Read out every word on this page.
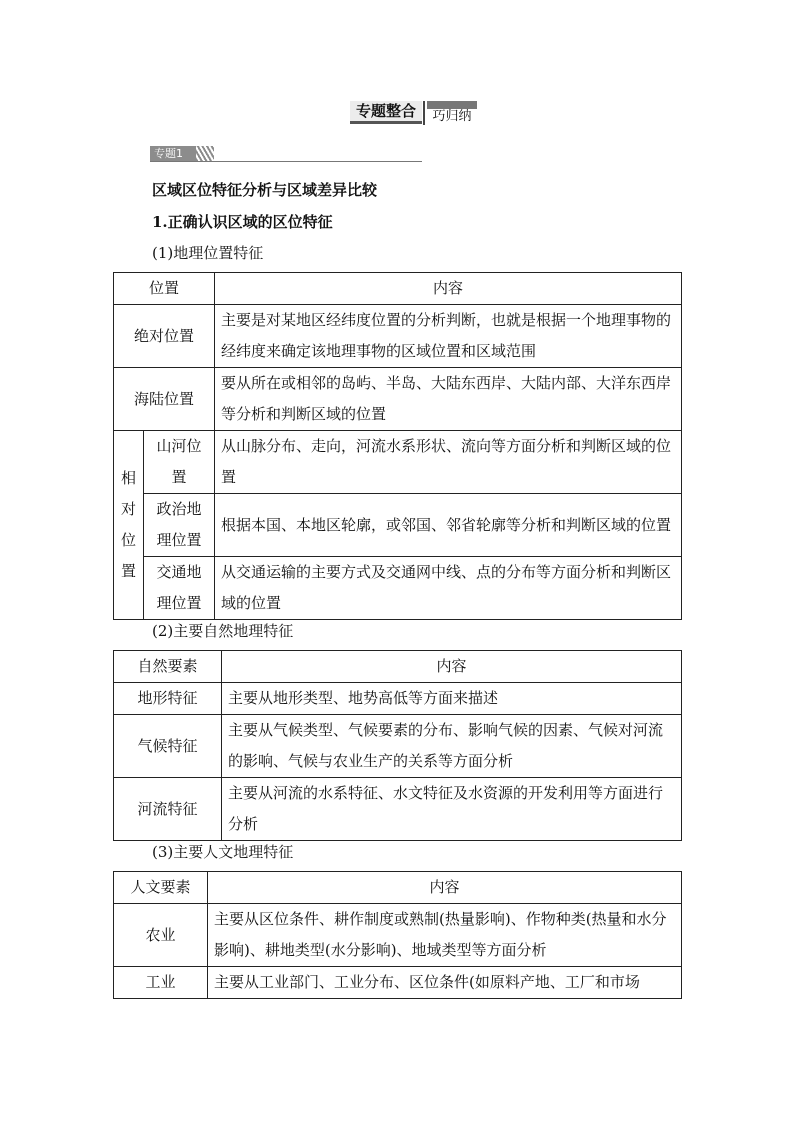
专题整合	巧归纳
专题1
区域区位特征分析与区域差异比较
1.正确认识区域的区位特征
(1)地理位置特征
位置		内容
绝对位置		主要是对某地区经纬度位置的分析判断，也就是根据一个地理事物的经纬度来确定该地理事物的区域位置和区域范围
海陆位置		要从所在或相邻的岛屿、半岛、大陆东西岸、大陆内部、大洋东西岸等分析和判断区域的位置

相
对
位
置	山河位置	从山脉分布、走向，河流水系形状、流向等方面分析和判断区域的位置
	政治地理位置	根据本国、本地区轮廓，或邻国、邻省轮廓等分析和判断区域的位置
	交通地理位置	从交通运输的主要方式及交通网中线、点的分布等方面分析和判断区域的位置
(2)主要自然地理特征
自然要素	内容
地形特征	主要从地形类型、地势高低等方面来描述
气候特征	主要从气候类型、气候要素的分布、影响气候的因素、气候对河流的影响、气候与农业生产的关系等方面分析
河流特征	主要从河流的水系特征、水文特征及水资源的开发利用等方面进行分析
(3)主要人文地理特征
人文要素	内容
农业	主要从区位条件、耕作制度或熟制(热量影响)、作物种类(热量和水分影响)、耕地类型(水分影响)、地域类型等方面分析
工业	主要从工业部门、工业分布、区位条件(如原料产地、工厂和市场
